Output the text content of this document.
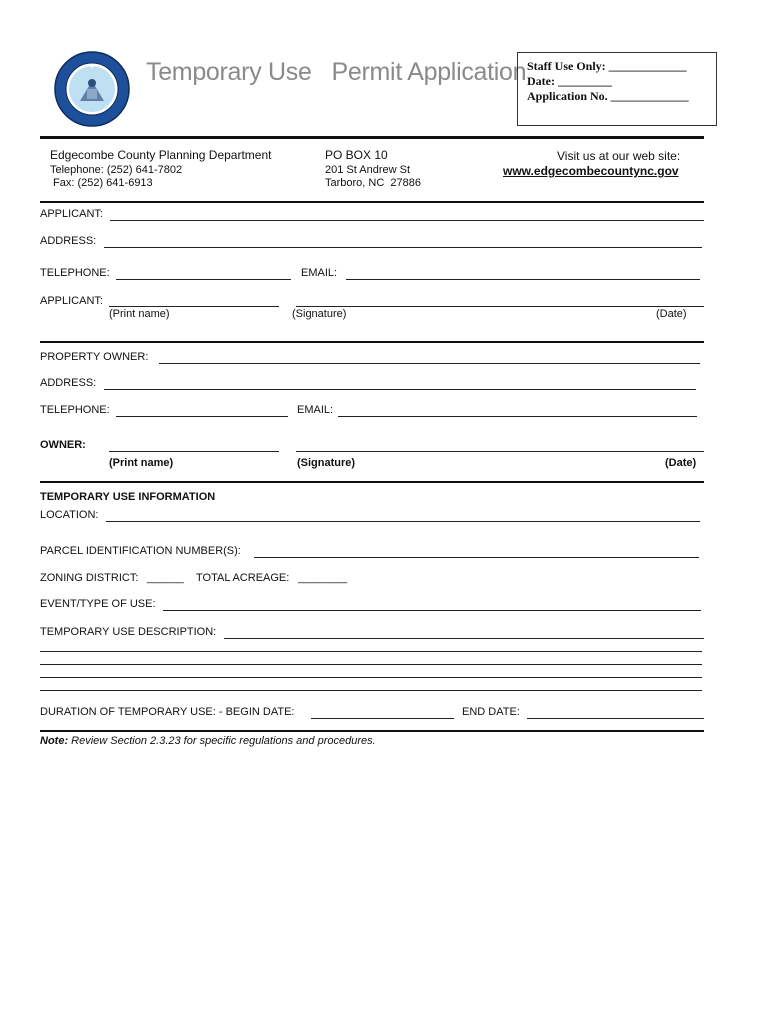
✦ Temporary Use   Permit Application Staff Use Only: _____________
Date: _________
Application No. _____________
Edgecombe County Planning Department
Telephone: (252) 641-7802
Fax: (252) 641-6913
PO BOX 10
201 St Andrew St
Tarboro, NC  27886
Visit us at our web site:
www.edgecombecountync.gov
APPLICANT:
ADDRESS:
TELEPHONE:	EMAIL:
APPLICANT:
(Print name)	(Signature)	(Date)
PROPERTY OWNER:
ADDRESS:
TELEPHONE:	EMAIL:
OWNER:
(Print name)	(Signature)	(Date)
TEMPORARY USE INFORMATION
LOCATION:
PARCEL IDENTIFICATION NUMBER(S):
ZONING DISTRICT: ______ TOTAL ACREAGE: ________
EVENT/TYPE OF USE:
TEMPORARY USE DESCRIPTION:
DURATION OF TEMPORARY USE: - BEGIN DATE:	END DATE:
Note: Review Section 2.3.23 for specific regulations and procedures.
